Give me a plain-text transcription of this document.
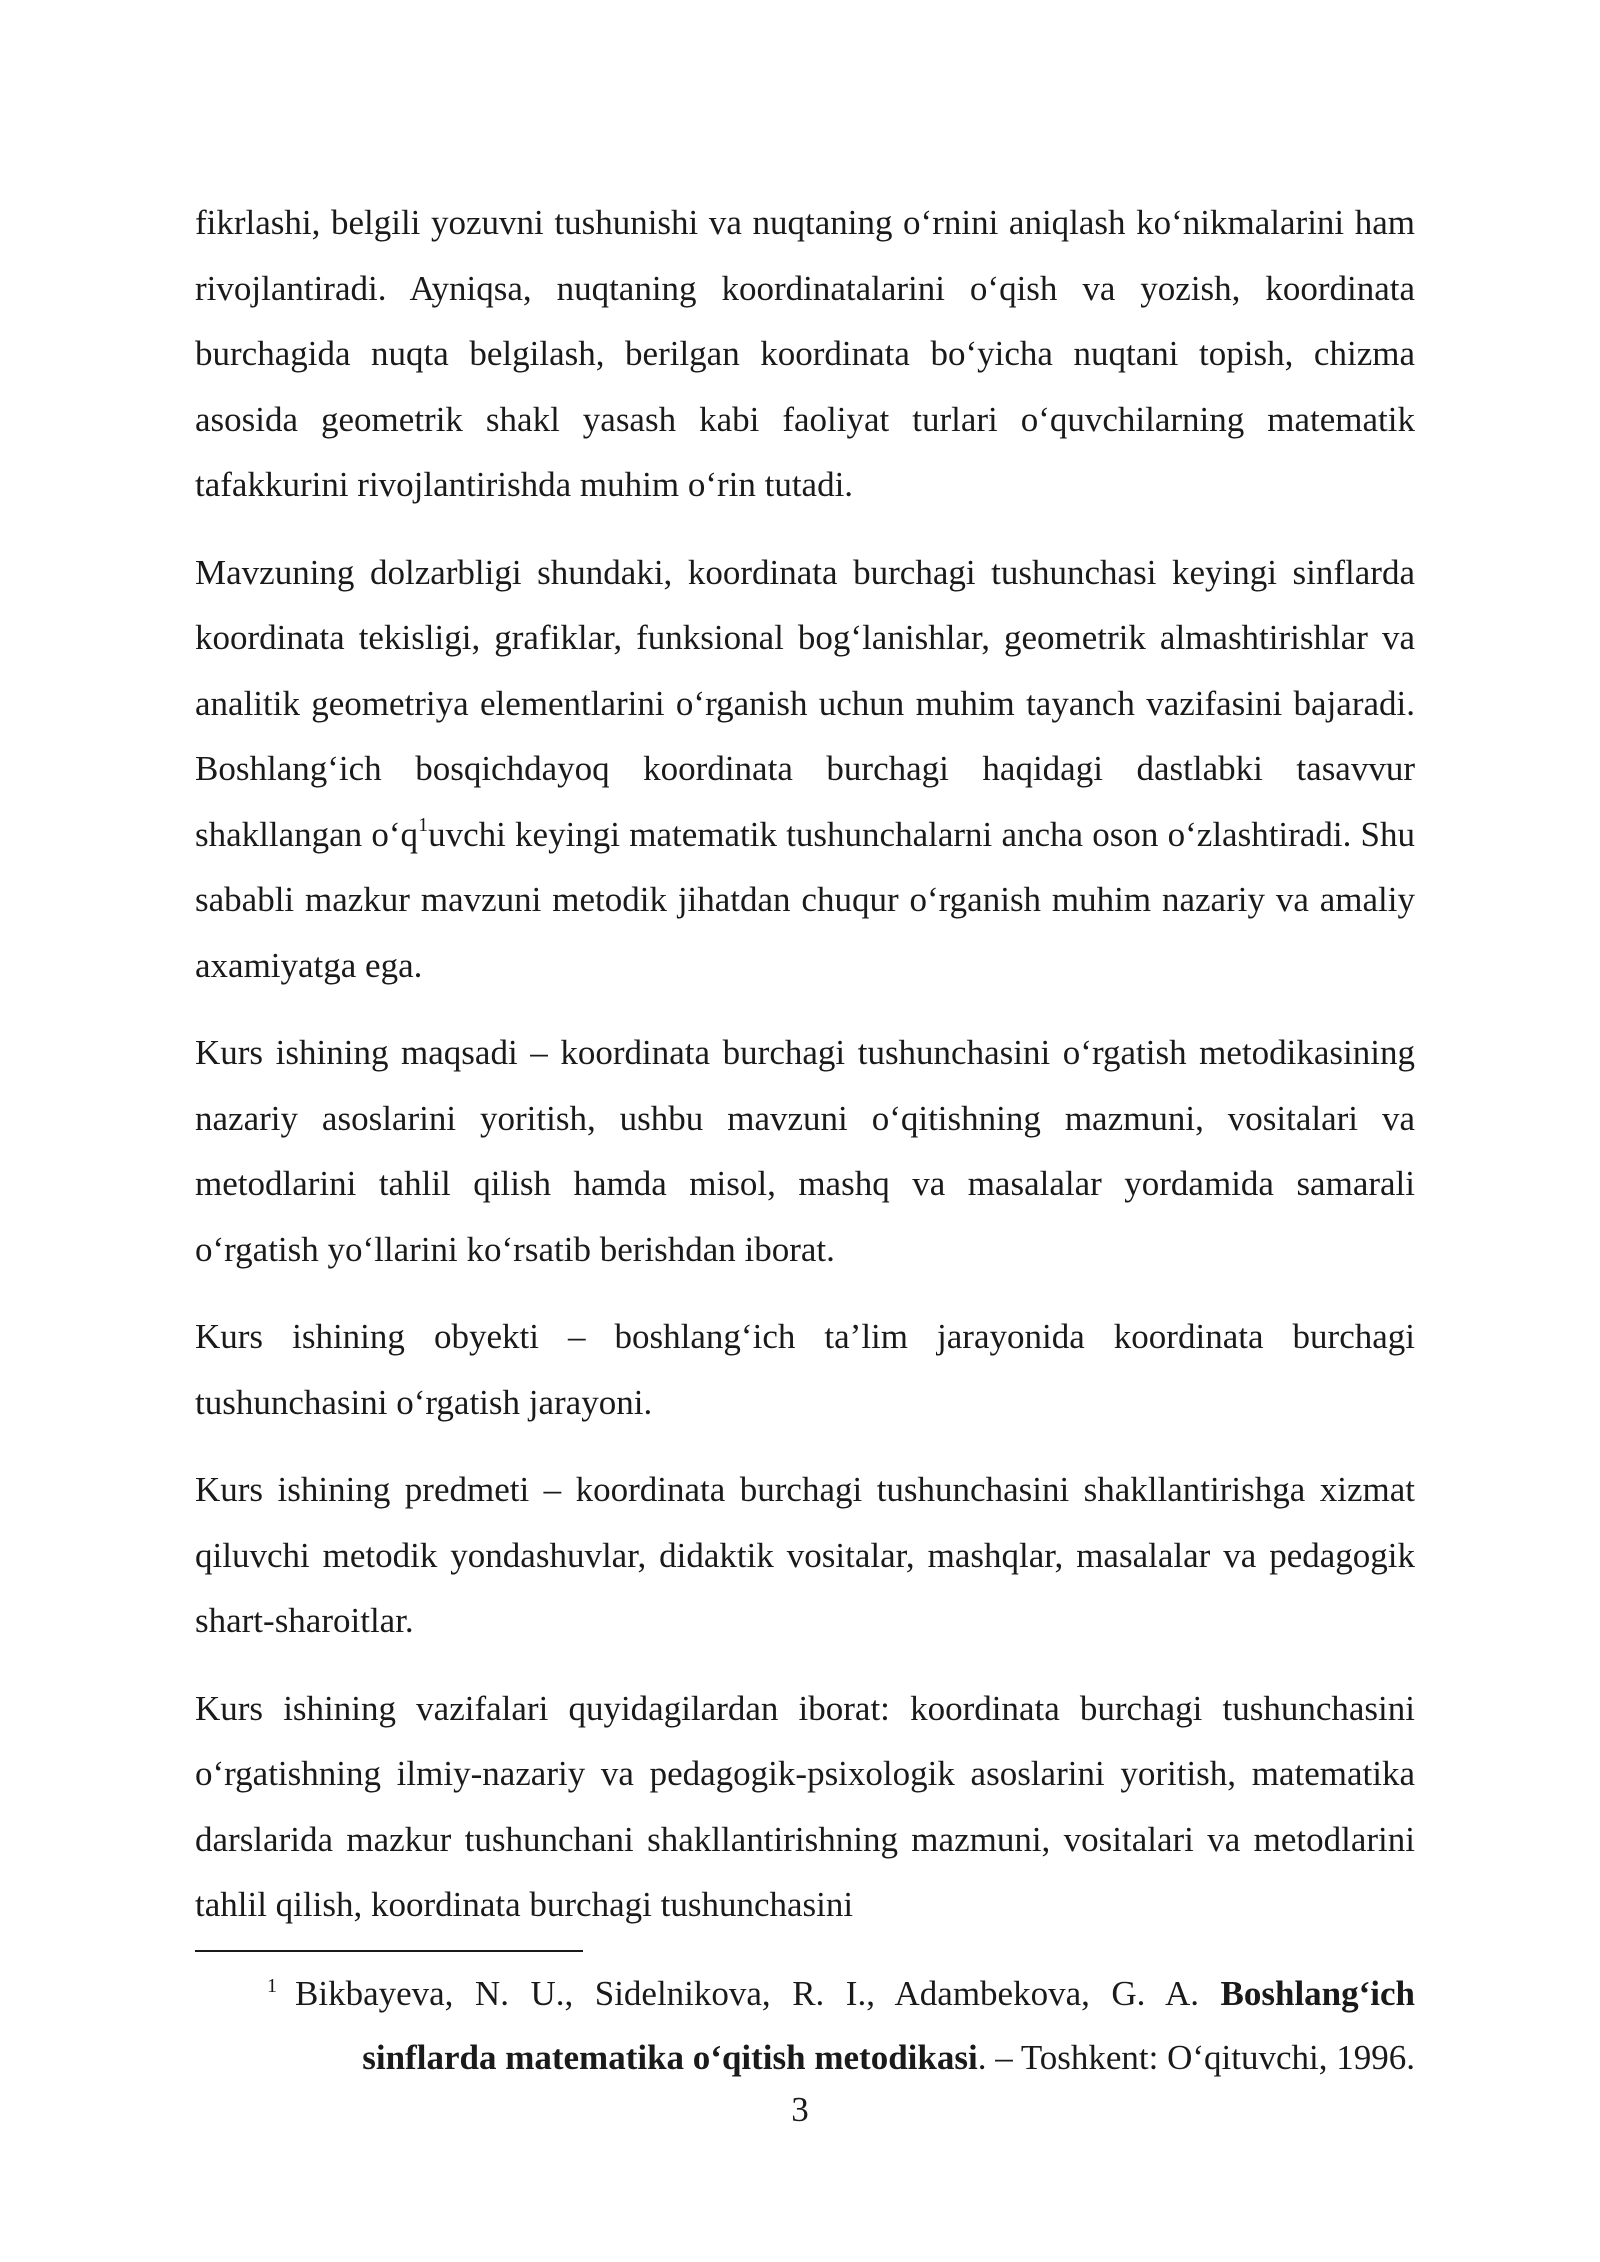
fikrlashi, belgili yozuvni tushunishi va nuqtaning o‘rnini aniqlash ko‘nikmalarini ham rivojlantiradi. Ayniqsa, nuqtaning koordinatalarini o‘qish va yozish, koordinata burchagida nuqta belgilash, berilgan koordinata bo‘yicha nuqtani topish, chizma asosida geometrik shakl yasash kabi faoliyat turlari o‘quvchilarning matematik tafakkurini rivojlantirishda muhim o‘rin tutadi.

Mavzuning dolzarbligi shundaki, koordinata burchagi tushunchasi keyingi sinflarda koordinata tekisligi, grafiklar, funksional bog‘lanishlar, geometrik almashtirishlar va analitik geometriya elementlarini o‘rganish uchun muhim tayanch vazifasini bajaradi. Boshlang‘ich bosqichdayoq koordinata burchagi haqidagi dastlabki tasavvur shakllangan o‘q$^1$uvchi keyingi matematik tushunchalarni ancha oson o‘zlashtiradi. Shu sababli mazkur mavzuni metodik jihatdan chuqur o‘rganish muhim nazariy va amaliy axamiyatga ega.

Kurs ishining maqsadi – koordinata burchagi tushunchasini o‘rgatish metodikasining nazariy asoslarini yoritish, ushbu mavzuni o‘qitishning mazmuni, vositalari va metodlarini tahlil qilish hamda misol, mashq va masalalar yordamida samarali o‘rgatish yo‘llarini ko‘rsatib berishdan iborat.

Kurs ishining obyekti – boshlang‘ich ta’lim jarayonida koordinata burchagi tushunchasini o‘rgatish jarayoni.

Kurs ishining predmeti – koordinata burchagi tushunchasini shakllantirishga xizmat qiluvchi metodik yondashuvlar, didaktik vositalar, mashqlar, masalalar va pedagogik shart-sharoitlar.

Kurs ishining vazifalari quyidagilardan iborat: koordinata burchagi tushunchasini o‘rgatishning ilmiy-nazariy va pedagogik-psixologik asoslarini yoritish, matematika darslarida mazkur tushunchani shakllantirishning mazmuni, vositalari va metodlarini tahlil qilish, koordinata burchagi tushunchasini

1 Bikbayeva, N. U., Sidelnikova, R. I., Adambekova, G. A. Boshlang‘ich sinflarda matematika o‘qitish metodikasi. – Toshkent: O‘qituvchi, 1996.
3
